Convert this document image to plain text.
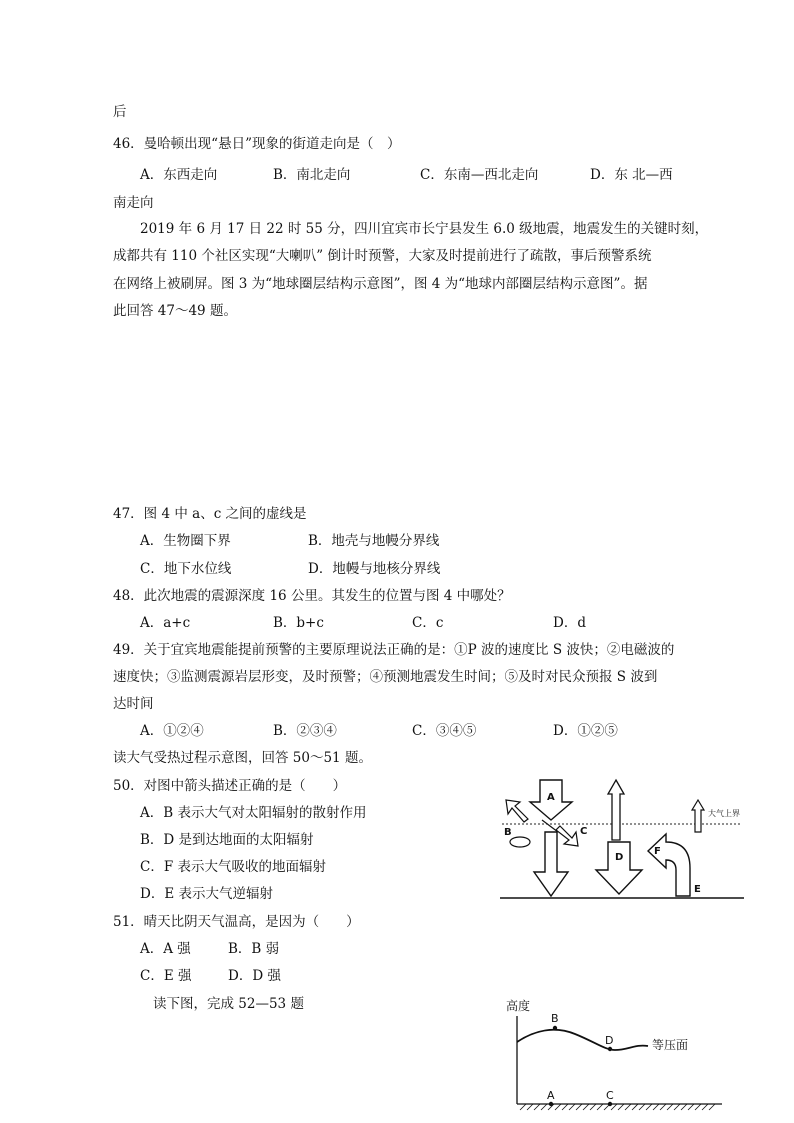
后
46．曼哈顿出现“悬日”现象的街道走向是（　）
A．东西走向	B．南北走向	C．东南—西北走向	D．东 北—西
南走向
2019 年 6 月 17 日 22 时 55 分，四川宜宾市长宁县发生 6.0 级地震，地震发生的关键时刻，
成都共有 110 个社区实现“大喇叭” 倒计时预警，大家及时提前进行了疏散，事后预警系统
在网络上被刷屏。图 3 为“地球圈层结构示意图”，图 4 为“地球内部圈层结构示意图”。据
此回答 47～49 题。
47．图 4 中 a、c 之间的虚线是
A．生物圈下界	B．地壳与地幔分界线
C．地下水位线	D．地幔与地核分界线
48．此次地震的震源深度 16 公里。其发生的位置与图 4 中哪处？
A．a+c	B．b+c	C．c	D．d
49．关于宜宾地震能提前预警的主要原理说法正确的是：①P 波的速度比 S 波快；②电磁波的
速度快；③监测震源岩层形变，及时预警；④预测地震发生时间；⑤及时对民众预报 S 波到
达时间
A．①②④	B．②③④	C．③④⑤	D．①②⑤
读大气受热过程示意图，回答 50～51 题。
50．对图中箭头描述正确的是（　　）
A．B 表示大气对太阳辐射的散射作用
B．D 是到达地面的太阳辐射
C．F 表示大气吸收的地面辐射
D．E 表示大气逆辐射
51．晴天比阴天气温高，是因为（　　）
A．A 强	B．B 弱
C．E 强	D．D 强
读下图，完成 52—53 题
A
B	C
D
E
F
大气上界
高度
B
D	等压面
A	C
